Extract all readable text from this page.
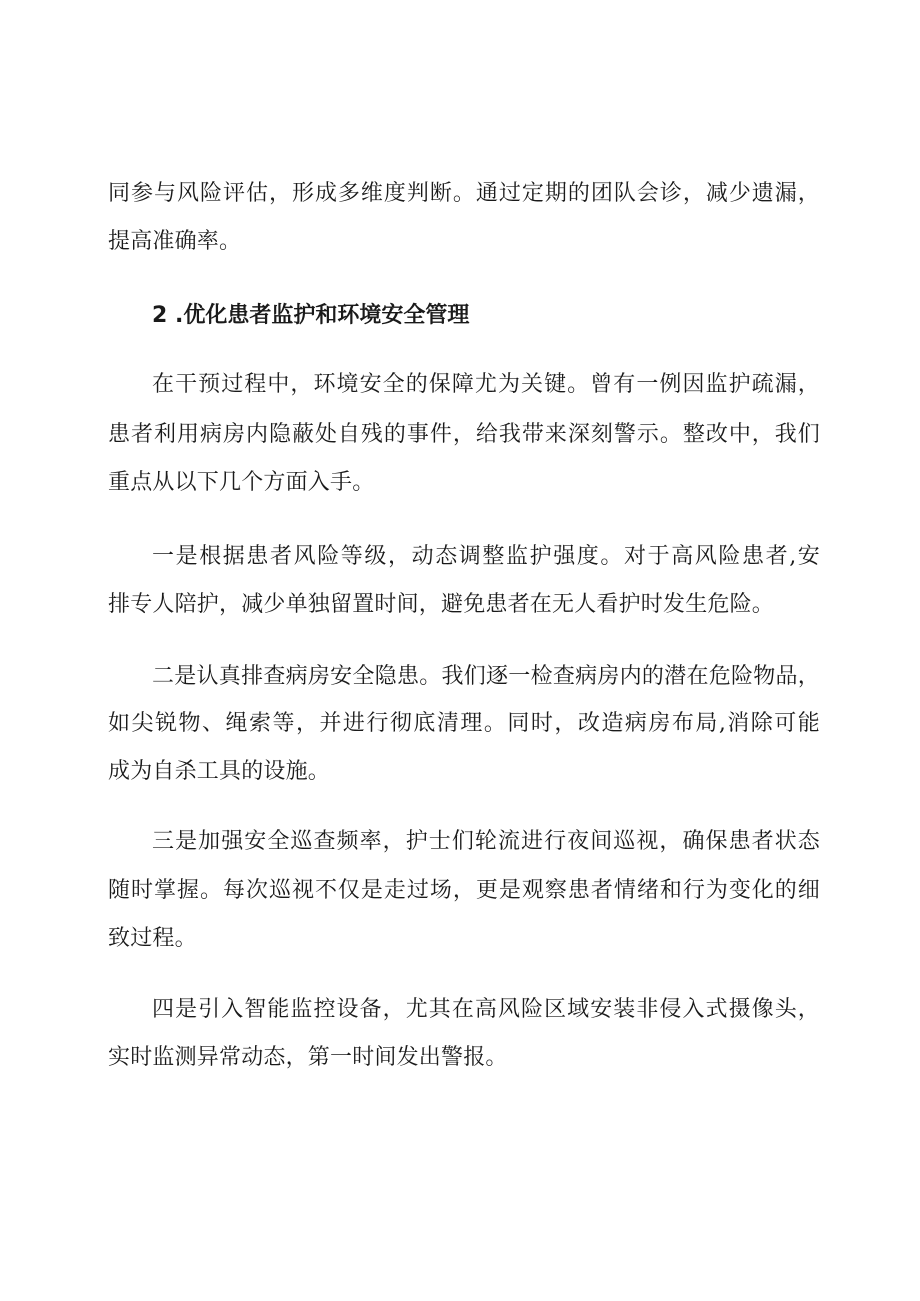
同参与风险评估，形成多维度判断。通过定期的团队会诊，减少遗漏，
提高准确率。
2 .优化患者监护和环境安全管理
在干预过程中，环境安全的保障尤为关键。曾有一例因监护疏漏，
患者利用病房内隐蔽处自残的事件，给我带来深刻警示。整改中，我们
重点从以下几个方面入手。
一是根据患者风险等级，动态调整监护强度。对于高风险患者,安
排专人陪护，减少单独留置时间，避免患者在无人看护时发生危险。
二是认真排查病房安全隐患。我们逐一检查病房内的潜在危险物品，
如尖锐物、绳索等，并进行彻底清理。同时，改造病房布局,消除可能
成为自杀工具的设施。
三是加强安全巡查频率，护士们轮流进行夜间巡视，确保患者状态
随时掌握。每次巡视不仅是走过场，更是观察患者情绪和行为变化的细
致过程。
四是引入智能监控设备，尤其在高风险区域安装非侵入式摄像头，
实时监测异常动态，第一时间发出警报。
